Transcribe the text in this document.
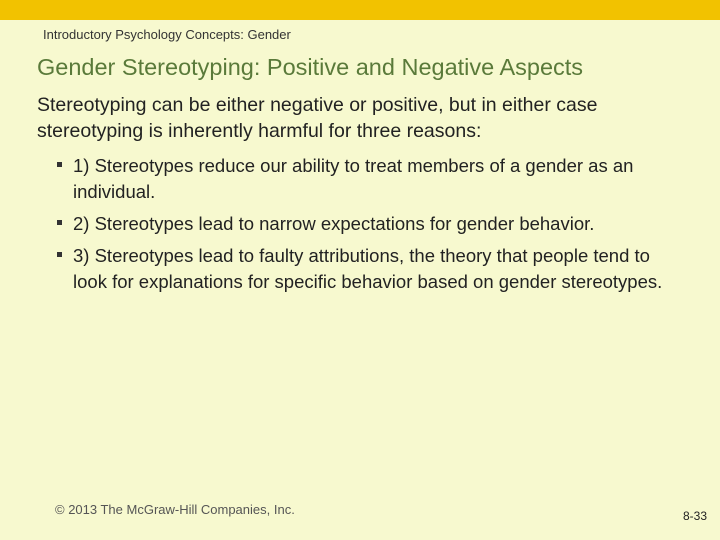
Introductory Psychology Concepts: Gender
Gender Stereotyping: Positive and Negative Aspects

Stereotyping can be either negative or positive, but in either case stereotyping is inherently harmful for three reasons:

1) Stereotypes reduce our ability to treat members of a gender as an individual.
2) Stereotypes lead to narrow expectations for gender behavior.
3) Stereotypes lead to faulty attributions, the theory that people tend to look for explanations for specific behavior based on gender stereotypes.
© 2013 The McGraw-Hill Companies, Inc.	8-33
